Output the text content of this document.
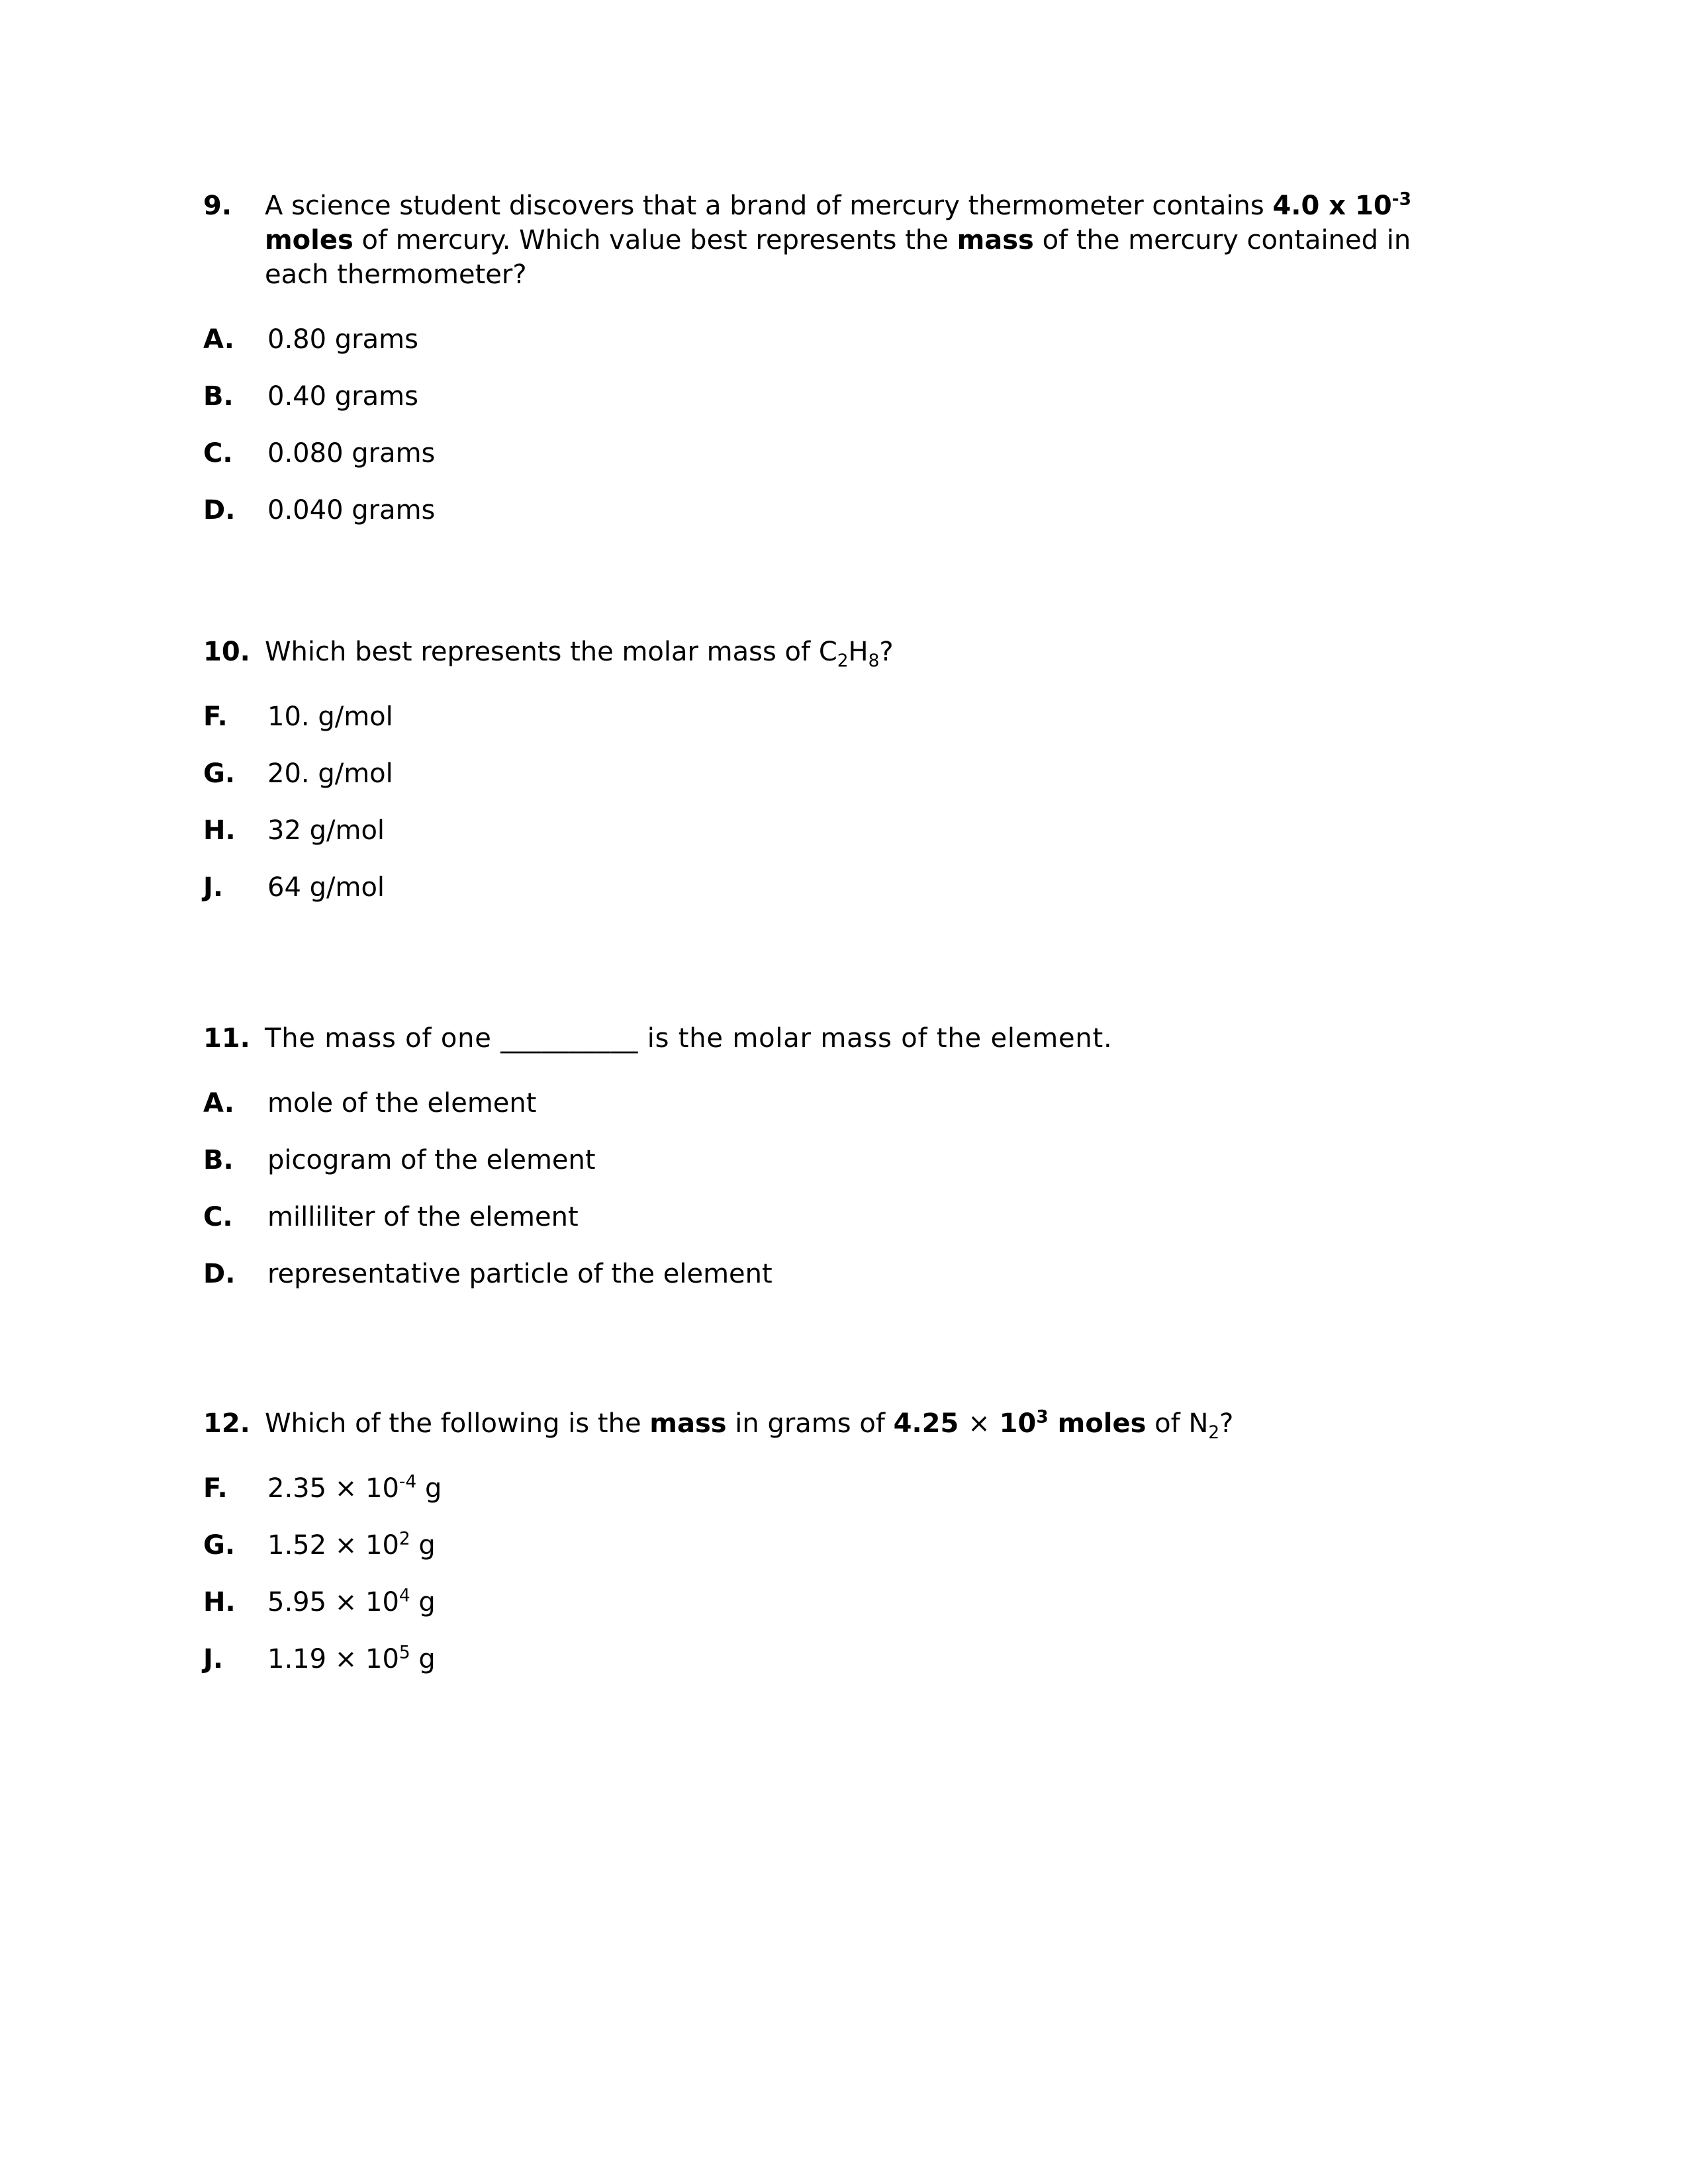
9.	A science student discovers that a brand of mercury thermometer contains 4.0 x $10^{-3}$ moles of mercury. Which value best represents the mass of the mercury contained in each thermometer?
A.	0.80 grams
B.	0.40 grams
C.	0.080 grams
D.	0.040 grams
10. Which best represents the molar mass of $C_2H_8$?
F.	10. g/mol
G.	20. g/mol
H.	32 g/mol
J.	64 g/mol
11. The mass of one __________ is the molar mass of the element.
A.	mole of the element
B.	picogram of the element
C.	milliliter of the element
D.	representative particle of the element
12. Which of the following is the mass in grams of $4.25 \times 10^3$ moles of $N_2$?
F.	$2.35 \times 10^{-4}$ g
G.	$1.52 \times 10^2$ g
H.	$5.95 \times 10^4$ g
J.	$1.19 \times 10^5$ g
